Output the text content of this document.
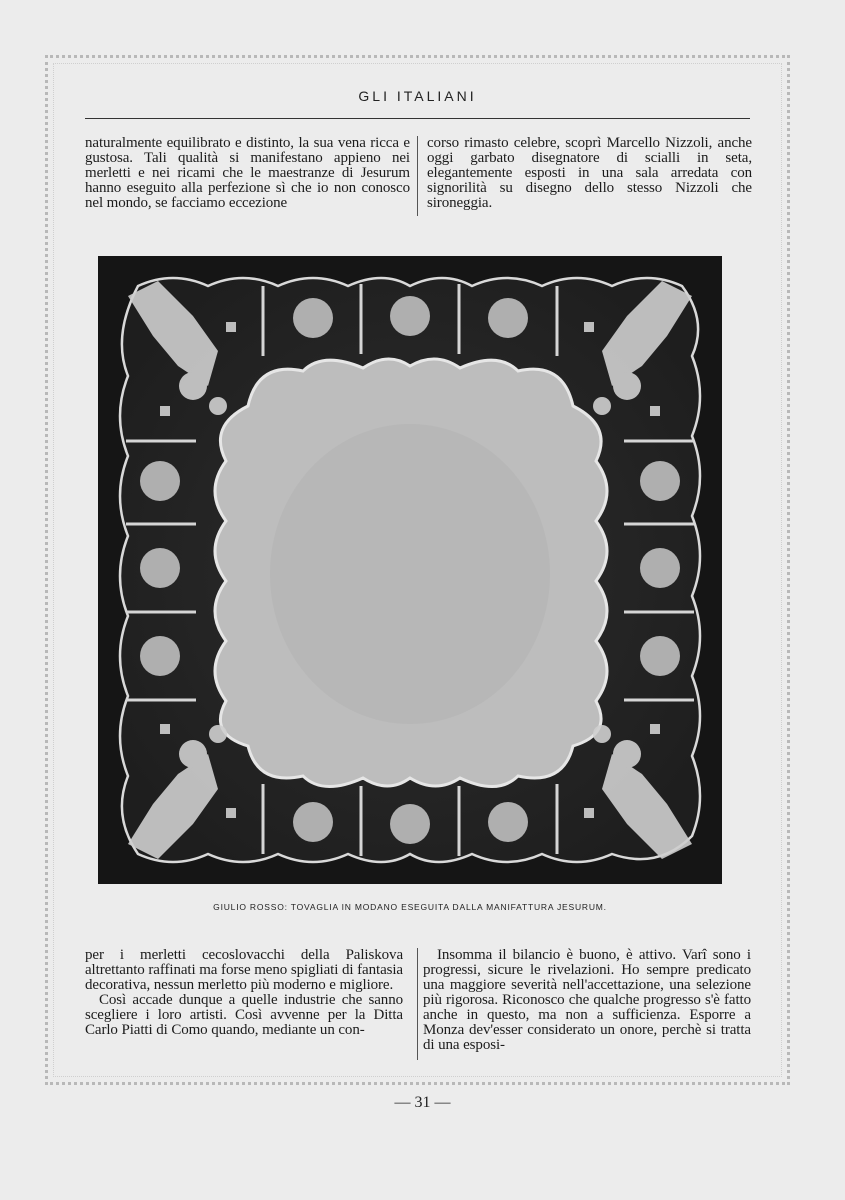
GLI ITALIANI

naturalmente equilibrato e distinto, la sua vena ricca e gustosa. Tali qualità si manifestano appieno nei merletti e nei ricami che le maestranze di Jesurum hanno eseguito alla perfezione sì che io non conosco nel mondo, se facciamo eccezione

corso rimasto celebre, scoprì Marcello Nizzoli, anche oggi garbato disegnatore di scialli in seta, elegantemente esposti in una sala arredata con signorilità su disegno dello stesso Nizzoli che sironeggia.

GIULIO ROSSO: TOVAGLIA IN MODANO ESEGUITA DALLA MANIFATTURA JESURUM.

per i merletti cecoslovacchi della Paliskova altrettanto raffinati ma forse meno spigliati di fantasia decorativa, nessun merletto più moderno e migliore.

Così accade dunque a quelle industrie che sanno scegliere i loro artisti. Così avvenne per la Ditta Carlo Piatti di Como quando, mediante un con-

Insomma il bilancio è buono, è attivo. Varî sono i progressi, sicure le rivelazioni. Ho sempre predicato una maggiore severità nell'accettazione, una selezione più rigorosa. Riconosco che qualche progresso s'è fatto anche in questo, ma non a sufficienza. Esporre a Monza dev'esser considerato un onore, perchè si tratta di una esposi-

— 31 —
